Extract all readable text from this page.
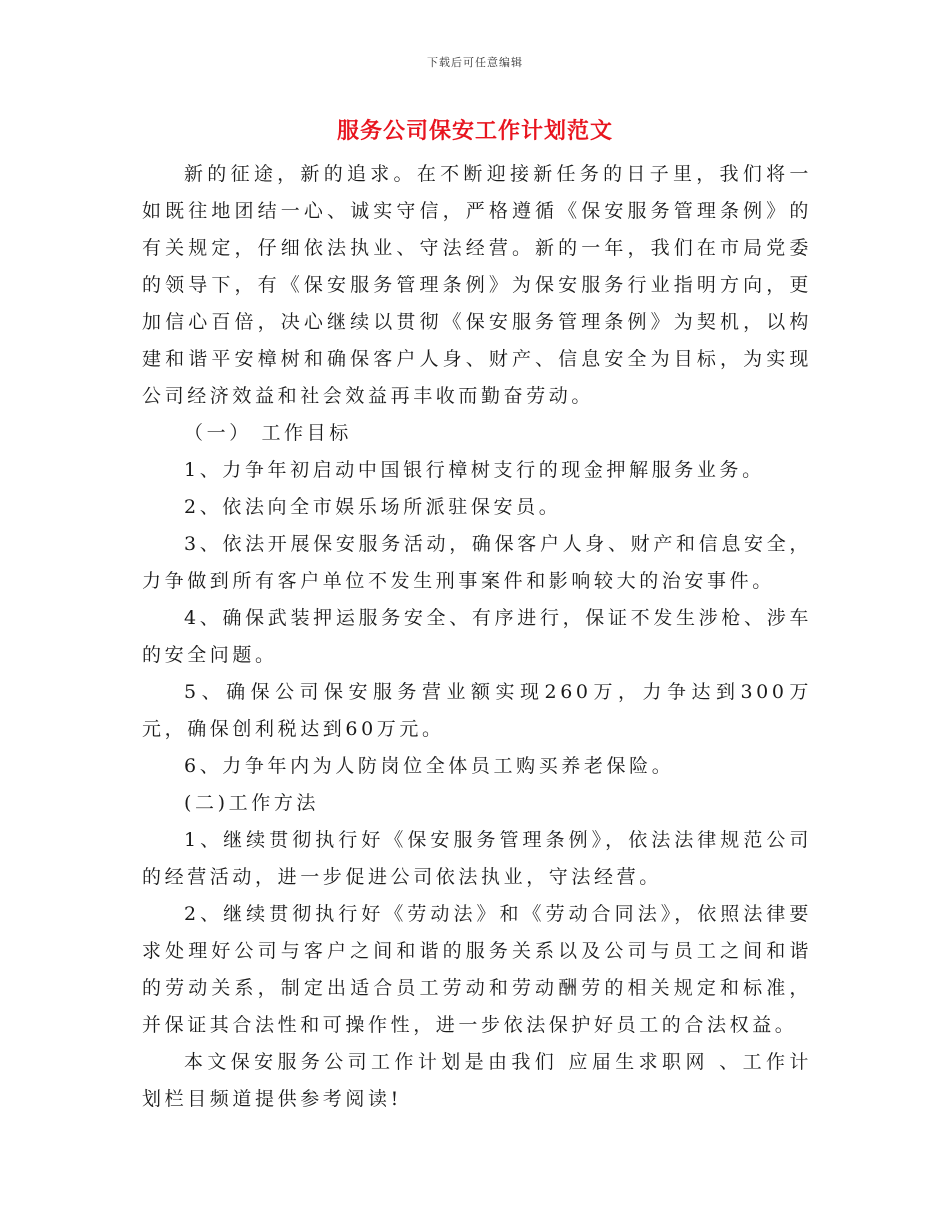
下载后可任意编辑
服务公司保安工作计划范文

新的征途，新的追求。在不断迎接新任务的日子里，我们将一如既往地团结一心、诚实守信，严格遵循《保安服务管理条例》的有关规定，仔细依法执业、守法经营。新的一年，我们在市局党委的领导下，有《保安服务管理条例》为保安服务行业指明方向，更加信心百倍，决心继续以贯彻《保安服务管理条例》为契机，以构建和谐平安樟树和确保客户人身、财产、信息安全为目标，为实现公司经济效益和社会效益再丰收而勤奋劳动。

（一） 工作目标

1、力争年初启动中国银行樟树支行的现金押解服务业务。

2、依法向全市娱乐场所派驻保安员。

3、依法开展保安服务活动，确保客户人身、财产和信息安全，力争做到所有客户单位不发生刑事案件和影响较大的治安事件。

4、确保武装押运服务安全、有序进行，保证不发生涉枪、涉车的安全问题。

5、确保公司保安服务营业额实现260万，力争达到300万元，确保创利税达到60万元。

6、力争年内为人防岗位全体员工购买养老保险。

(二)工作方法

1、继续贯彻执行好《保安服务管理条例》，依法法律规范公司的经营活动，进一步促进公司依法执业，守法经营。

2、继续贯彻执行好《劳动法》和《劳动合同法》，依照法律要求处理好公司与客户之间和谐的服务关系以及公司与员工之间和谐的劳动关系，制定出适合员工劳动和劳动酬劳的相关规定和标准，并保证其合法性和可操作性，进一步依法保护好员工的合法权益。

本文保安服务公司工作计划是由我们 应届生求职网 、工作计划栏目频道提供参考阅读!
